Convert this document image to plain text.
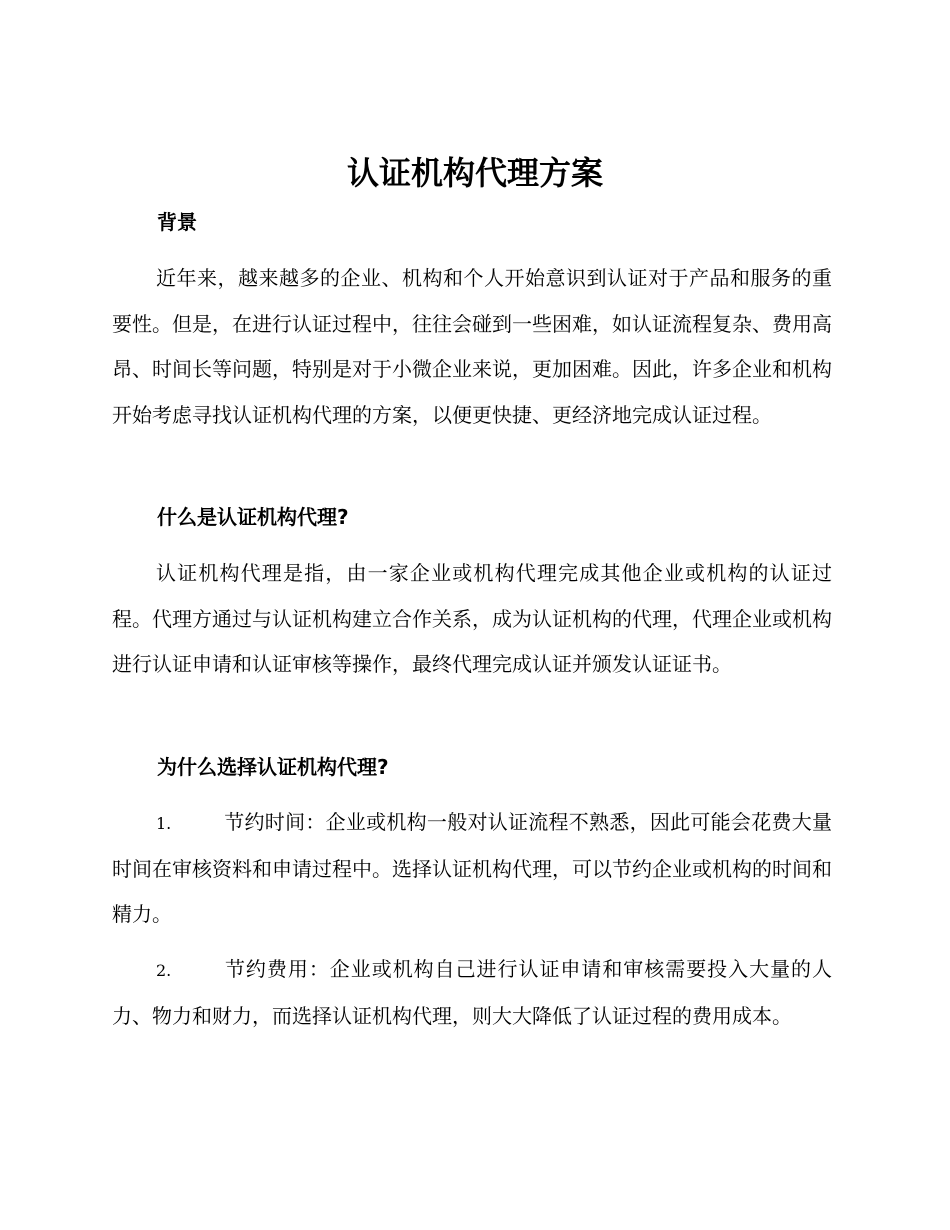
认证机构代理方案
背景

近年来，越来越多的企业、机构和个人开始意识到认证对于产品和服务的重要性。但是，在进行认证过程中，往往会碰到一些困难，如认证流程复杂、费用高昂、时间长等问题，特别是对于小微企业来说，更加困难。因此，许多企业和机构开始考虑寻找认证机构代理的方案，以便更快捷、更经济地完成认证过程。

什么是认证机构代理?

认证机构代理是指，由一家企业或机构代理完成其他企业或机构的认证过程。代理方通过与认证机构建立合作关系，成为认证机构的代理，代理企业或机构进行认证申请和认证审核等操作，最终代理完成认证并颁发认证证书。

为什么选择认证机构代理?

1.	节约时间：企业或机构一般对认证流程不熟悉，因此可能会花费大量时间在审核资料和申请过程中。选择认证机构代理，可以节约企业或机构的时间和精力。

2.	节约费用：企业或机构自己进行认证申请和审核需要投入大量的人力、物力和财力，而选择认证机构代理，则大大降低了认证过程的费用成本。
